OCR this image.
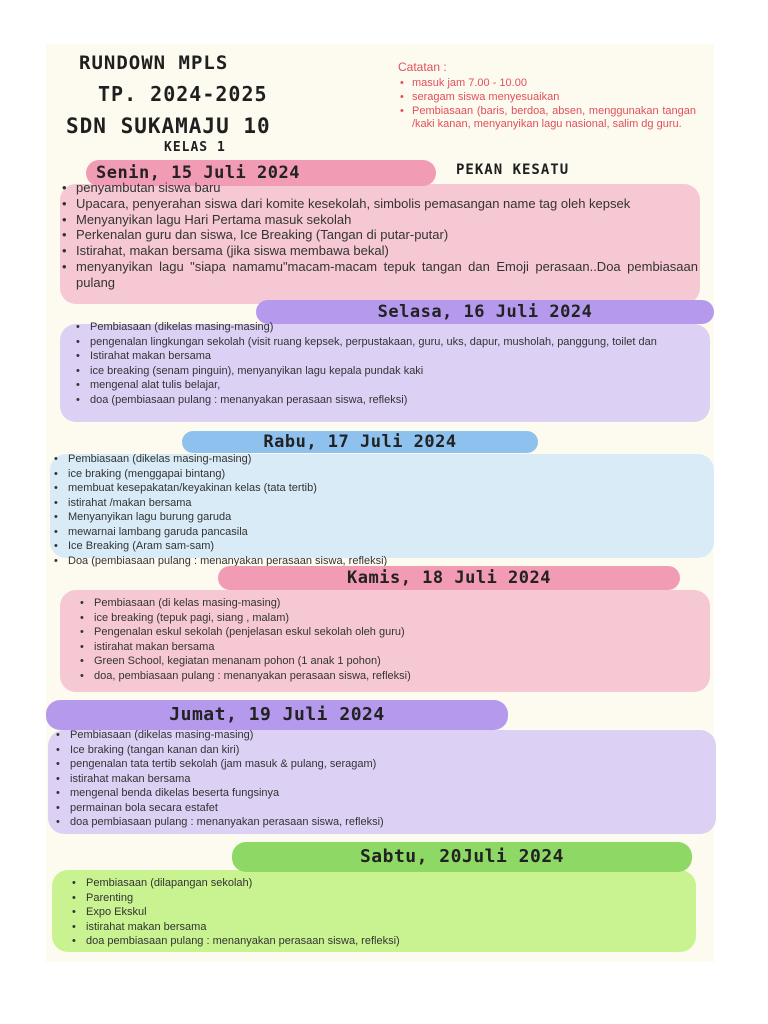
RUNDOWN MPLS
TP. 2024-2025
SDN SUKAMAJU 10
KELAS 1
PEKAN KESATU
Catatan :
• masuk jam 7.00 - 10.00
• seragam siswa menyesuaikan
• Pembiasaan (baris, berdoa, absen, menggunakan tangan /kaki kanan, menyanyikan lagu nasional, salim dg guru.
Senin, 15 Juli 2024
• penyambutan siswa baru
• Upacara, penyerahan siswa dari komite kesekolah, simbolis pemasangan name tag oleh kepsek
• Menyanyikan lagu Hari Pertama masuk sekolah
• Perkenalan guru dan siswa, Ice Breaking (Tangan di putar-putar)
• Istirahat, makan bersama (jika siswa membawa bekal)
• menyanyikan lagu "siapa namamu"macam-macam tepuk tangan dan Emoji perasaan..Doa pembiasaan pulang
Selasa, 16 Juli 2024
• Pembiasaan (dikelas masing-masing)
• pengenalan lingkungan sekolah (visit ruang kepsek, perpustakaan, guru, uks, dapur, musholah, panggung, toilet dan
• Istirahat makan bersama
• ice breaking (senam pinguin), menyanyikan lagu kepala pundak kaki
• mengenal alat tulis belajar,
• doa (pembiasaan pulang : menanyakan perasaan siswa, refleksi)
Rabu, 17 Juli 2024
• Pembiasaan (dikelas masing-masing)
• ice braking (menggapai bintang)
• membuat kesepakatan/keyakinan kelas (tata tertib)
• istirahat /makan bersama
• Menyanyikan lagu burung garuda
• mewarnai lambang garuda pancasila
• Ice Breaking (Aram sam-sam)
• Doa (pembiasaan pulang : menanyakan perasaan siswa, refleksi)
Kamis, 18 Juli 2024
• Pembiasaan (di kelas masing-masing)
• ice breaking (tepuk pagi, siang , malam)
• Pengenalan eskul sekolah (penjelasan eskul sekolah oleh guru)
• istirahat makan bersama
• Green School, kegiatan menanam pohon (1 anak 1 pohon)
• doa, pembiasaan pulang : menanyakan perasaan siswa, refleksi)
Jumat, 19 Juli 2024
• Pembiasaan (dikelas masing-masing)
• Ice braking (tangan kanan dan kiri)
• pengenalan tata tertib sekolah (jam masuk & pulang, seragam)
• istirahat makan bersama
• mengenal benda dikelas beserta fungsinya
• permainan bola secara estafet
• doa pembiasaan pulang : menanyakan perasaan siswa, refleksi)
Sabtu, 20Juli 2024
• Pembiasaan (dilapangan sekolah)
• Parenting
• Expo Ekskul
• istirahat makan bersama
• doa pembiasaan pulang : menanyakan perasaan siswa, refleksi)
